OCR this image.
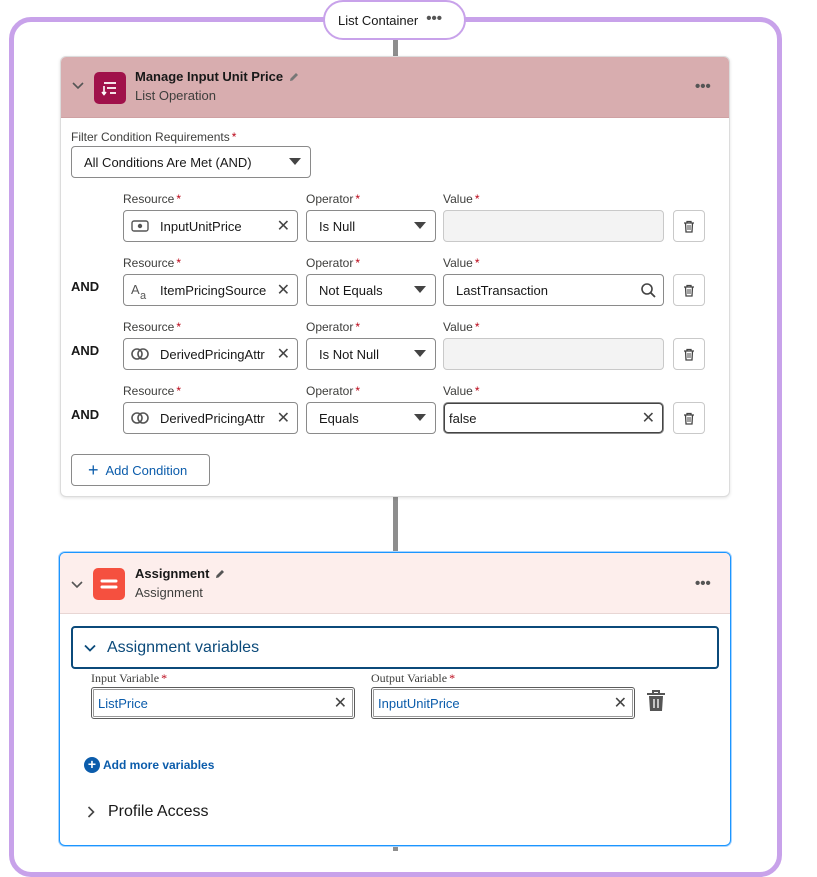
List Container •••
Manage Input Unit Price
List Operation
•••
Filter Condition Requirements *
All Conditions Are Met (AND)
Resource *
InputUnitPrice ✕
Operator *
Is Null
Value *
AND
Resource *
A a ItemPricingSource ✕
Operator *
Not Equals
Value *
LastTransaction
AND
Resource *
DerivedPricingAttr ✕
Operator *
Is Not Null
Value *
AND
Resource *
DerivedPricingAttr ✕
Operator *
Equals
Value *
false	✕
+ Add Condition
Assignment
Assignment
•••
Assignment variables
Input Variable *
ListPrice	✕
Output Variable *
InputUnitPrice	✕
+ Add more variables
Profile Access
